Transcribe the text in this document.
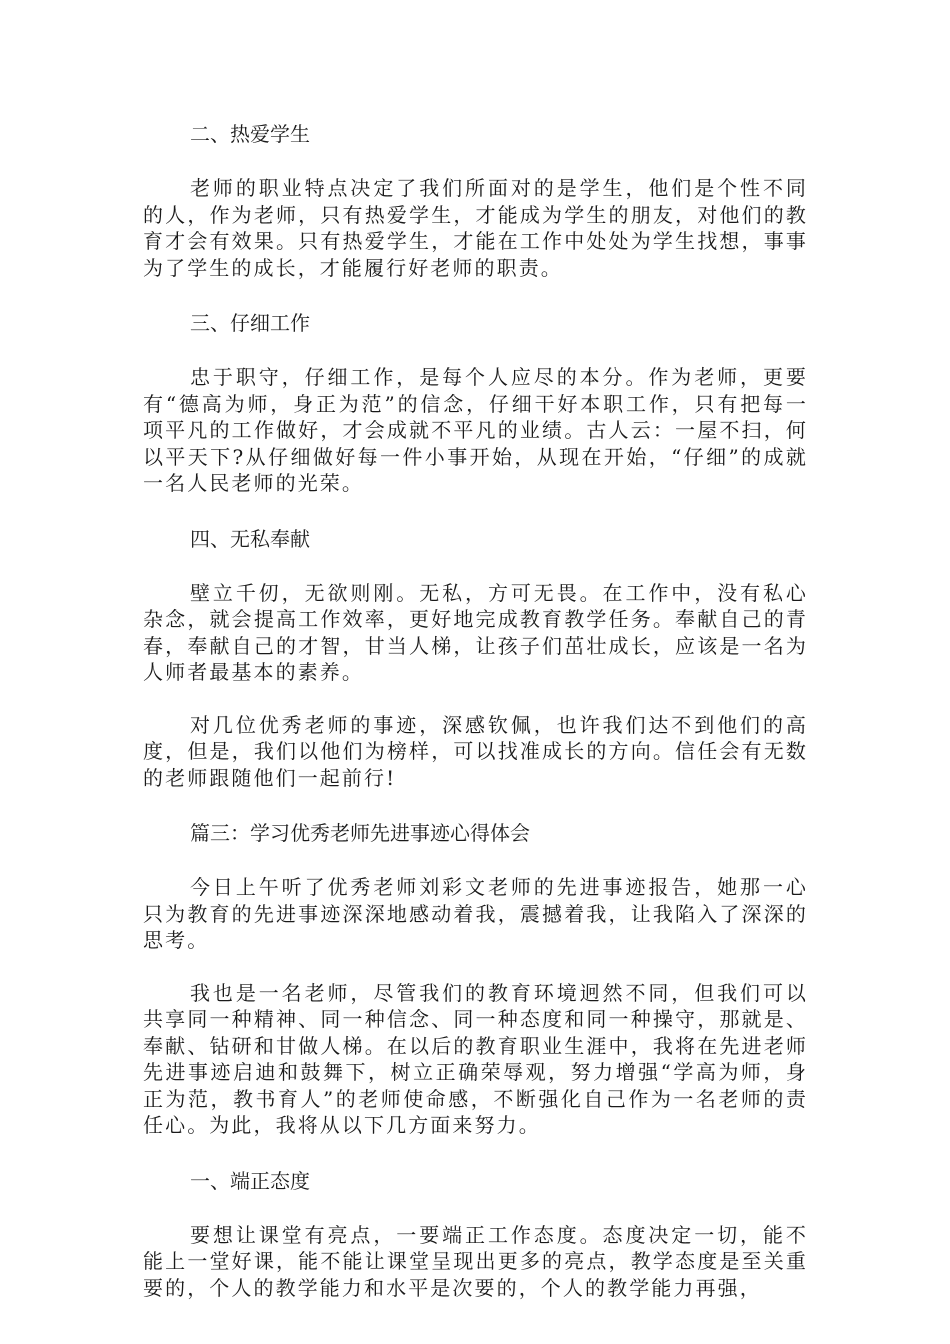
二、热爱学生

老师的职业特点决定了我们所面对的是学生，他们是个性不同的人，作为老师，只有热爱学生，才能成为学生的朋友，对他们的教育才会有效果。只有热爱学生，才能在工作中处处为学生找想，事事为了学生的成长，才能履行好老师的职责。

三、仔细工作

忠于职守，仔细工作，是每个人应尽的本分。作为老师，更要有“德高为师，身正为范”的信念，仔细干好本职工作，只有把每一项平凡的工作做好，才会成就不平凡的业绩。古人云：一屋不扫，何以平天下?从仔细做好每一件小事开始，从现在开始，“仔细”的成就一名人民老师的光荣。

四、无私奉献

壁立千仞，无欲则刚。无私，方可无畏。在工作中，没有私心杂念，就会提高工作效率，更好地完成教育教学任务。奉献自己的青春，奉献自己的才智，甘当人梯，让孩子们茁壮成长，应该是一名为人师者最基本的素养。

对几位优秀老师的事迹，深感钦佩，也许我们达不到他们的高度，但是，我们以他们为榜样，可以找准成长的方向。信任会有无数的老师跟随他们一起前行!

篇三：学习优秀老师先进事迹心得体会

今日上午听了优秀老师刘彩文老师的先进事迹报告，她那一心只为教育的先进事迹深深地感动着我，震撼着我，让我陷入了深深的思考。

我也是一名老师，尽管我们的教育环境迥然不同，但我们可以共享同一种精神、同一种信念、同一种态度和同一种操守，那就是、奉献、钻研和甘做人梯。在以后的教育职业生涯中，我将在先进老师先进事迹启迪和鼓舞下，树立正确荣辱观，努力增强“学高为师，身正为范，教书育人”的老师使命感，不断强化自己作为一名老师的责任心。为此，我将从以下几方面来努力。

一、端正态度

要想让课堂有亮点，一要端正工作态度。态度决定一切，能不能上一堂好课，能不能让课堂呈现出更多的亮点，教学态度是至关重要的，个人的教学能力和水平是次要的，个人的教学能力再强，
